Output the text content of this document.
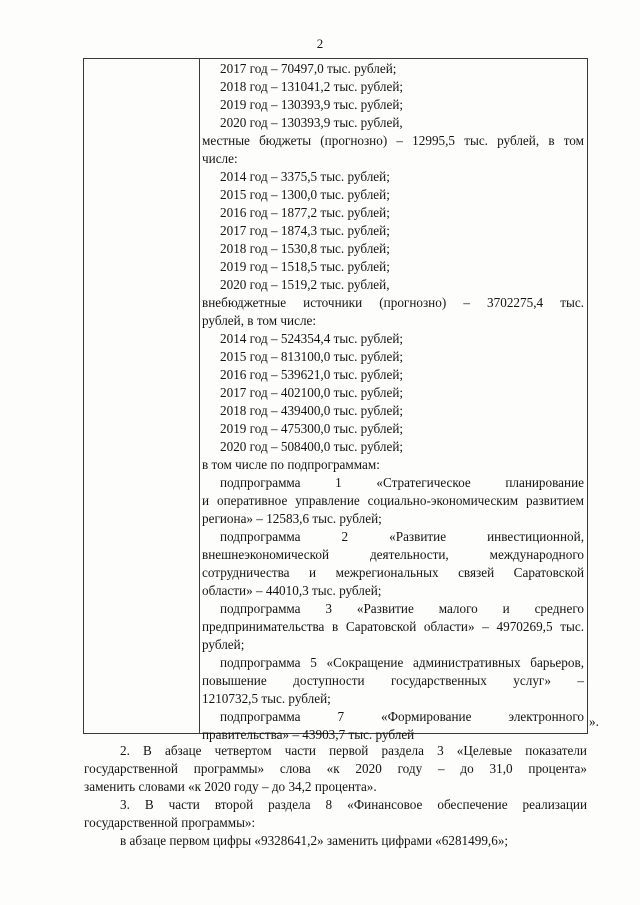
2

2017 год – 70497,0 тыс. рублей;

2018 год – 131041,2 тыс. рублей;

2019 год – 130393,9 тыс. рублей;

2020 год – 130393,9 тыс. рублей,

местные бюджеты (прогнозно) – 12995,5 тыс. рублей, в том

числе:

2014 год – 3375,5 тыс. рублей;

2015 год – 1300,0 тыс. рублей;

2016 год – 1877,2 тыс. рублей;

2017 год – 1874,3 тыс. рублей;

2018 год – 1530,8 тыс. рублей;

2019 год – 1518,5 тыс. рублей;

2020 год – 1519,2 тыс. рублей,

внебюджетные источники (прогнозно) – 3702275,4 тыс.

рублей, в том числе:

2014 год – 524354,4 тыс. рублей;

2015 год – 813100,0 тыс. рублей;

2016 год – 539621,0 тыс. рублей;

2017 год – 402100,0 тыс. рублей;

2018 год – 439400,0 тыс. рублей;

2019 год – 475300,0 тыс. рублей;

2020 год – 508400,0 тыс. рублей;

в том числе по подпрограммам:

подпрограмма 1 «Стратегическое планирование

и оперативное управление социально-экономическим развитием

региона» – 12583,6 тыс. рублей;

подпрограмма 2 «Развитие инвестиционной,

внешнеэкономической деятельности, международного

сотрудничества и межрегиональных связей Саратовской

области» – 44010,3 тыс. рублей;

подпрограмма 3 «Развитие малого и среднего

предпринимательства в Саратовской области» – 4970269,5 тыс.

рублей;

подпрограмма 5 «Сокращение административных барьеров,

повышение доступности государственных услуг» –

1210732,5 тыс. рублей;

подпрограмма 7 «Формирование электронного

правительства» – 43903,7 тыс. рублей

».

2. В абзаце четвертом части первой раздела 3 «Целевые показатели

государственной программы» слова «к 2020 году – до 31,0 процента»

заменить словами «к 2020 году – до 34,2 процента».

3. В части второй раздела 8 «Финансовое обеспечение реализации

государственной программы»:

в абзаце первом цифры «9328641,2» заменить цифрами «6281499,6»;
